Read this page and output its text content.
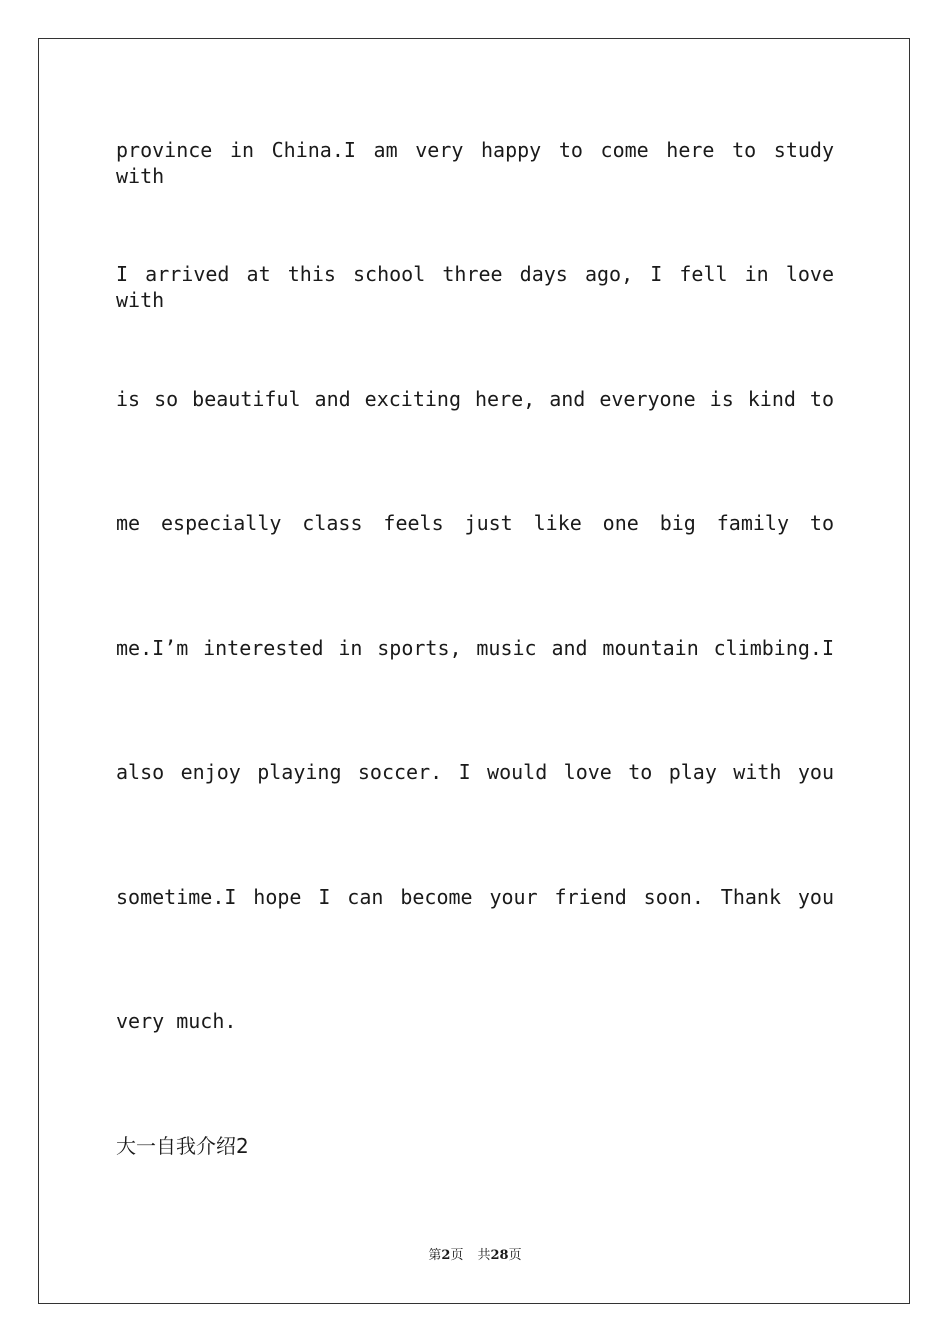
province in China.I am very happy to come here to study with
I arrived at this school three days ago, I fell in love with
is so beautiful and exciting here, and everyone is kind to
me especially class feels just like one big family to
me.I’m interested in sports, music and mountain climbing.I
also enjoy playing soccer. I would love to play with you
sometime.I hope I can become your friend soon. Thank you
very much.
大一自我介绍2
第2页 共28页
